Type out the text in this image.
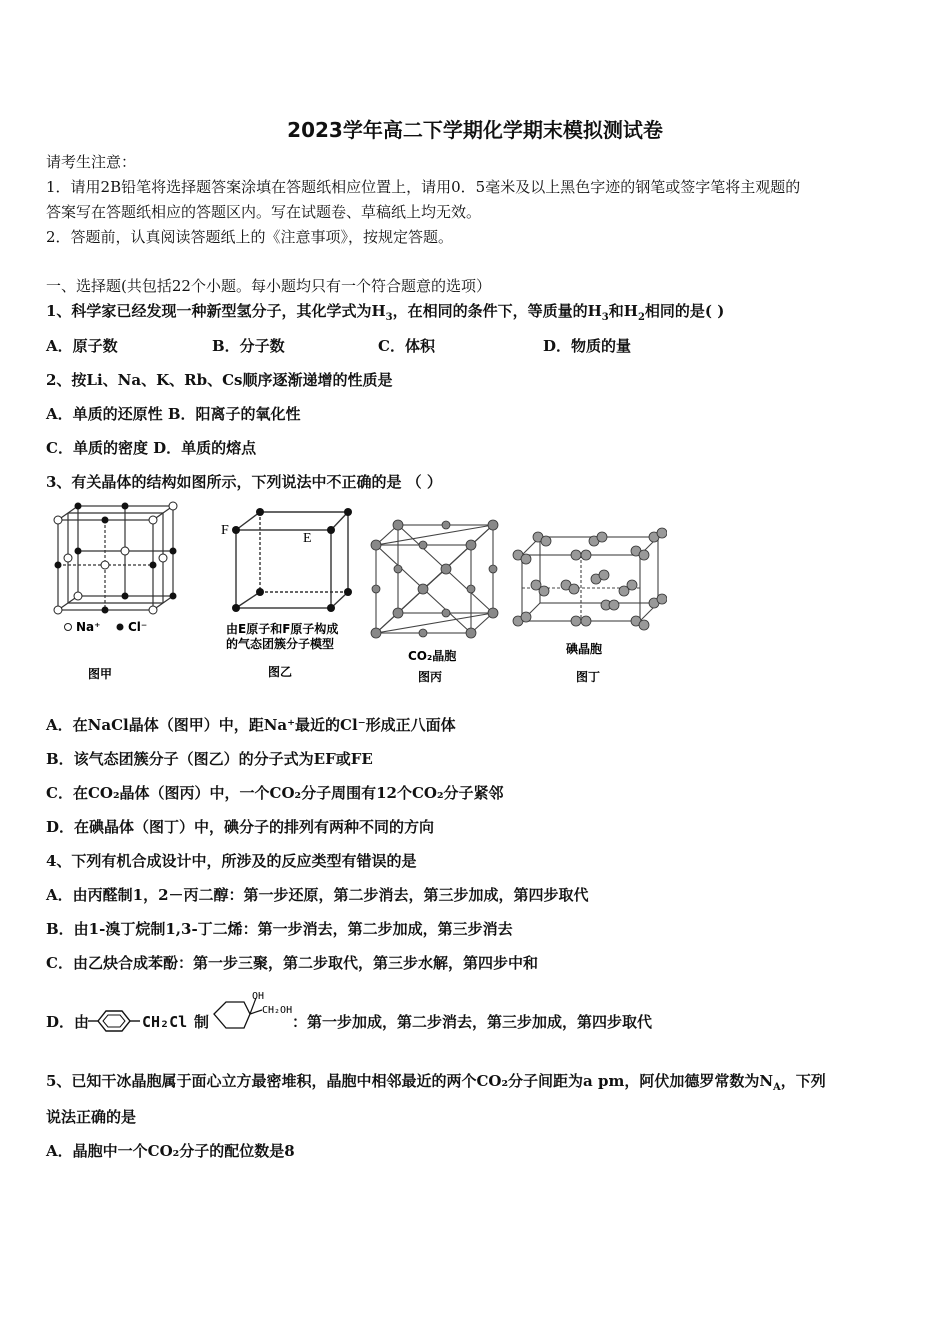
2023学年高二下学期化学期末模拟测试卷
请考生注意：
1．请用2B铅笔将选择题答案涂填在答题纸相应位置上，请用0．5毫米及以上黑色字迹的钢笔或签字笔将主观题的
答案写在答题纸相应的答题区内。写在试题卷、草稿纸上均无效。
2．答题前，认真阅读答题纸上的《注意事项》，按规定答题。
一、选择题(共包括22个小题。每小题均只有一个符合题意的选项）
1、科学家已经发现一种新型氢分子，其化学式为$H_3$，在相同的条件下，等质量的$H_3$和$H_2$相同的是( )
A．原子数	B．分子数	C．体积	D．物质的量
2、按Li、Na、K、Rb、Cs顺序逐渐递增的性质是
A．单质的还原性 B．阳离子的氧化性
C．单质的密度 D．单质的熔点
3、有关晶体的结构如图所示，下列说法中不正确的是 （ ）
Na⁺ Cl⁻
图甲
F
E
由E原子和F原子构成
的气态团簇分子模型
图乙
CO₂晶胞
图丙
碘晶胞
图丁
A．在NaCl晶体（图甲）中，距Na⁺最近的Cl⁻形成正八面体
B．该气态团簇分子（图乙）的分子式为EF或FE
C．在CO₂晶体（图丙）中，一个CO₂分子周围有12个CO₂分子紧邻
D．在碘晶体（图丁）中，碘分子的排列有两种不同的方向
4、下列有机合成设计中，所涉及的反应类型有错误的是
A．由丙醛制1，2－丙二醇：第一步还原，第二步消去，第三步加成，第四步取代
B．由1-溴丁烷制1,3-丁二烯：第一步消去，第二步加成，第三步消去
C．由乙炔合成苯酚：第一步三聚，第二步取代，第三步水解，第四步中和
D．由	CH₂Cl 制
OH
CH₂OH
：第一步加成，第二步消去，第三步加成，第四步取代
5、已知干冰晶胞属于面心立方最密堆积，晶胞中相邻最近的两个CO₂分子间距为a pm，阿伏加德罗常数为$N_A$，下列
说法正确的是
A．晶胞中一个CO₂分子的配位数是8
